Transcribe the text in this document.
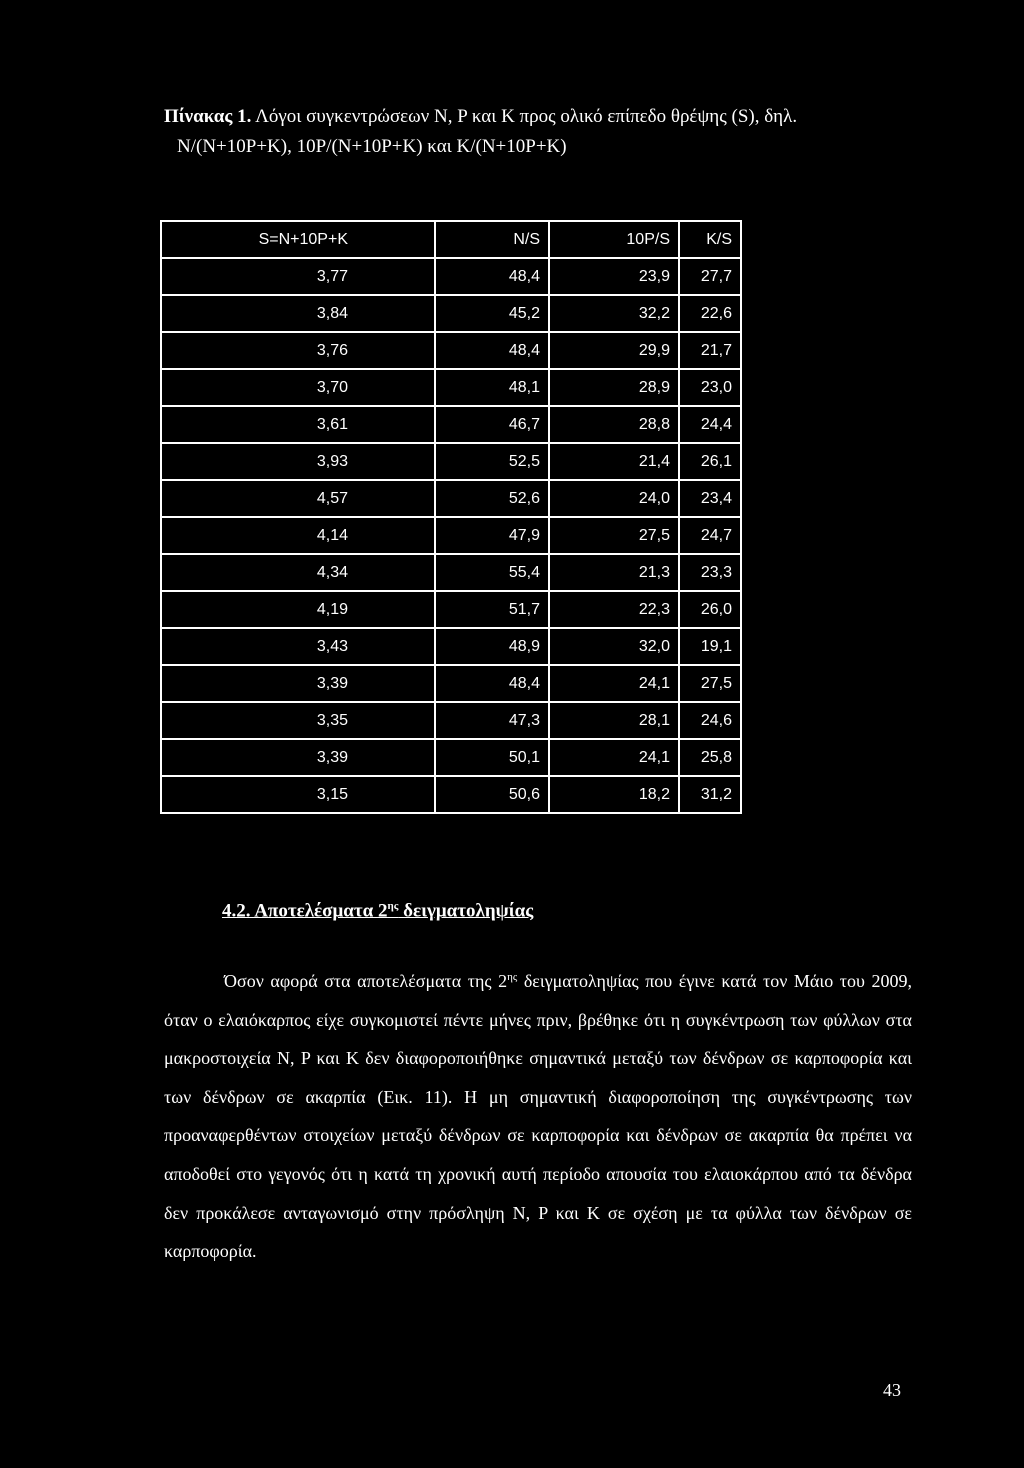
Πίνακας 1. Λόγοι συγκεντρώσεων N, P και K προς ολικό επίπεδο θρέψης (S), δηλ.
N/(N+10P+K), 10P/(N+10P+K) και K/(N+10P+K)
S=N+10P+K	N/S	10P/S	K/S
3,77	48,4	23,9	27,7
3,84	45,2	32,2	22,6
3,76	48,4	29,9	21,7
3,70	48,1	28,9	23,0
3,61	46,7	28,8	24,4
3,93	52,5	21,4	26,1
4,57	52,6	24,0	23,4
4,14	47,9	27,5	24,7
4,34	55,4	21,3	23,3
4,19	51,7	22,3	26,0
3,43	48,9	32,0	19,1
3,39	48,4	24,1	27,5
3,35	47,3	28,1	24,6
3,39	50,1	24,1	25,8
3,15	50,6	18,2	31,2
4.2. Αποτελέσματα $2^{\eta\varsigma}$ δειγματοληψίας

Όσον αφορά στα αποτελέσματα της $2^{\eta\varsigma}$ δειγματοληψίας που έγινε κατά τον Μάιο του 2009, όταν ο ελαιόκαρπος είχε συγκομιστεί πέντε μήνες πριν, βρέθηκε ότι η συγκέντρωση των φύλλων στα μακροστοιχεία N, P και K δεν διαφοροποιήθηκε σημαντικά μεταξύ των δένδρων σε καρποφορία και των δένδρων σε ακαρπία (Εικ. 11). Η μη σημαντική διαφοροποίηση της συγκέντρωσης των προαναφερθέντων στοιχείων μεταξύ δένδρων σε καρποφορία και δένδρων σε ακαρπία θα πρέπει να αποδοθεί στο γεγονός ότι η κατά τη χρονική αυτή περίοδο απουσία του ελαιοκάρπου από τα δένδρα δεν προκάλεσε ανταγωνισμό στην πρόσληψη N, P και K σε σχέση με τα φύλλα των δένδρων σε καρποφορία.

43
